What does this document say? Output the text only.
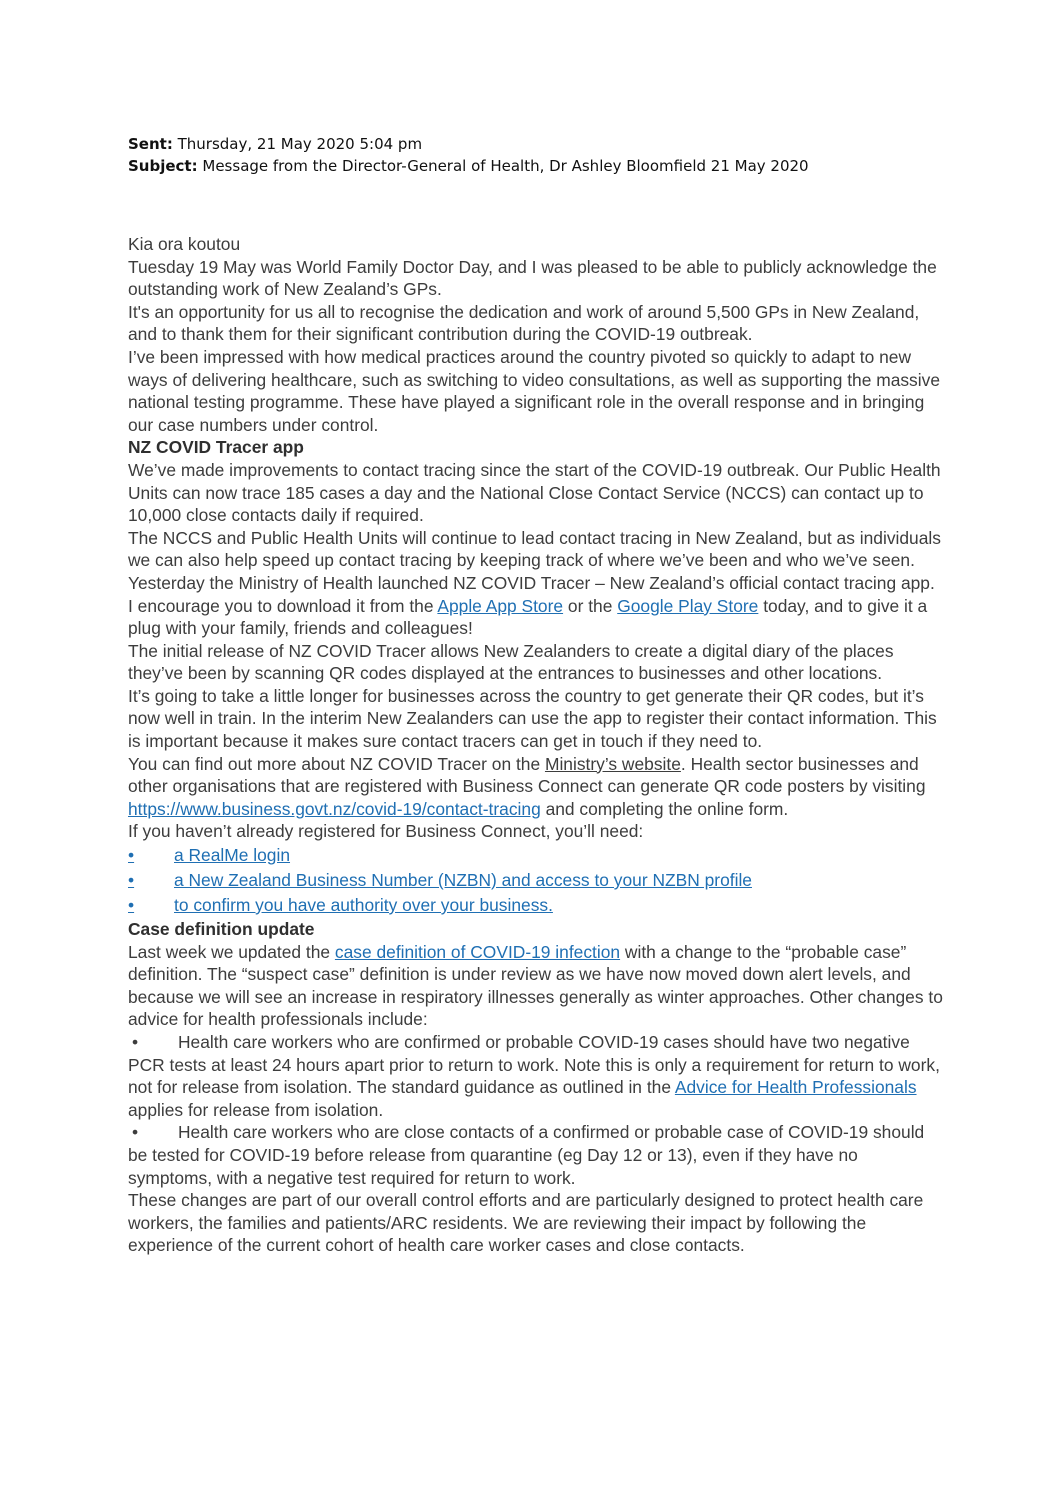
Sent: Thursday, 21 May 2020 5:04 pm
Subject: Message from the Director-General of Health, Dr Ashley Bloomfield 21 May 2020

Kia ora koutou

Tuesday 19 May was World Family Doctor Day, and I was pleased to be able to publicly acknowledge the outstanding work of New Zealand’s GPs.

It's an opportunity for us all to recognise the dedication and work of around 5,500 GPs in New Zealand, and to thank them for their significant contribution during the COVID-19 outbreak.

I’ve been impressed with how medical practices around the country pivoted so quickly to adapt to new ways of delivering healthcare, such as switching to video consultations, as well as supporting the massive national testing programme. These have played a significant role in the overall response and in bringing our case numbers under control.

NZ COVID Tracer app

We’ve made improvements to contact tracing since the start of the COVID-19 outbreak. Our Public Health Units can now trace 185 cases a day and the National Close Contact Service (NCCS) can contact up to 10,000 close contacts daily if required.

The NCCS and Public Health Units will continue to lead contact tracing in New Zealand, but as individuals we can also help speed up contact tracing by keeping track of where we’ve been and who we’ve seen.

Yesterday the Ministry of Health launched NZ COVID Tracer – New Zealand’s official contact tracing app. I encourage you to download it from the Apple App Store or the Google Play Store today, and to give it a plug with your family, friends and colleagues!

The initial release of NZ COVID Tracer allows New Zealanders to create a digital diary of the places they’ve been by scanning QR codes displayed at the entrances to businesses and other locations.

It’s going to take a little longer for businesses across the country to get generate their QR codes, but it’s now well in train. In the interim New Zealanders can use the app to register their contact information. This is important because it makes sure contact tracers can get in touch if they need to.

You can find out more about NZ COVID Tracer on the Ministry’s website. Health sector businesses and other organisations that are registered with Business Connect can generate QR code posters by visiting https://www.business.govt.nz/covid-19/contact-tracing and completing the online form.

If you haven’t already registered for Business Connect, you’ll need:

• a RealMe login
• a New Zealand Business Number (NZBN) and access to your NZBN profile
• to confirm you have authority over your business.
Case definition update

Last week we updated the case definition of COVID-19 infection with a change to the “probable case” definition. The “suspect case” definition is under review as we have now moved down alert levels, and because we will see an increase in respiratory illnesses generally as winter approaches. Other changes to advice for health professionals include:

• Health care workers who are confirmed or probable COVID-19 cases should have two negative PCR tests at least 24 hours apart prior to return to work. Note this is only a requirement for return to work, not for release from isolation. The standard guidance as outlined in the Advice for Health Professionals applies for release from isolation.

• Health care workers who are close contacts of a confirmed or probable case of COVID-19 should be tested for COVID-19 before release from quarantine (eg Day 12 or 13), even if they have no symptoms, with a negative test required for return to work.

These changes are part of our overall control efforts and are particularly designed to protect health care workers, the families and patients/ARC residents. We are reviewing their impact by following the experience of the current cohort of health care worker cases and close contacts.
